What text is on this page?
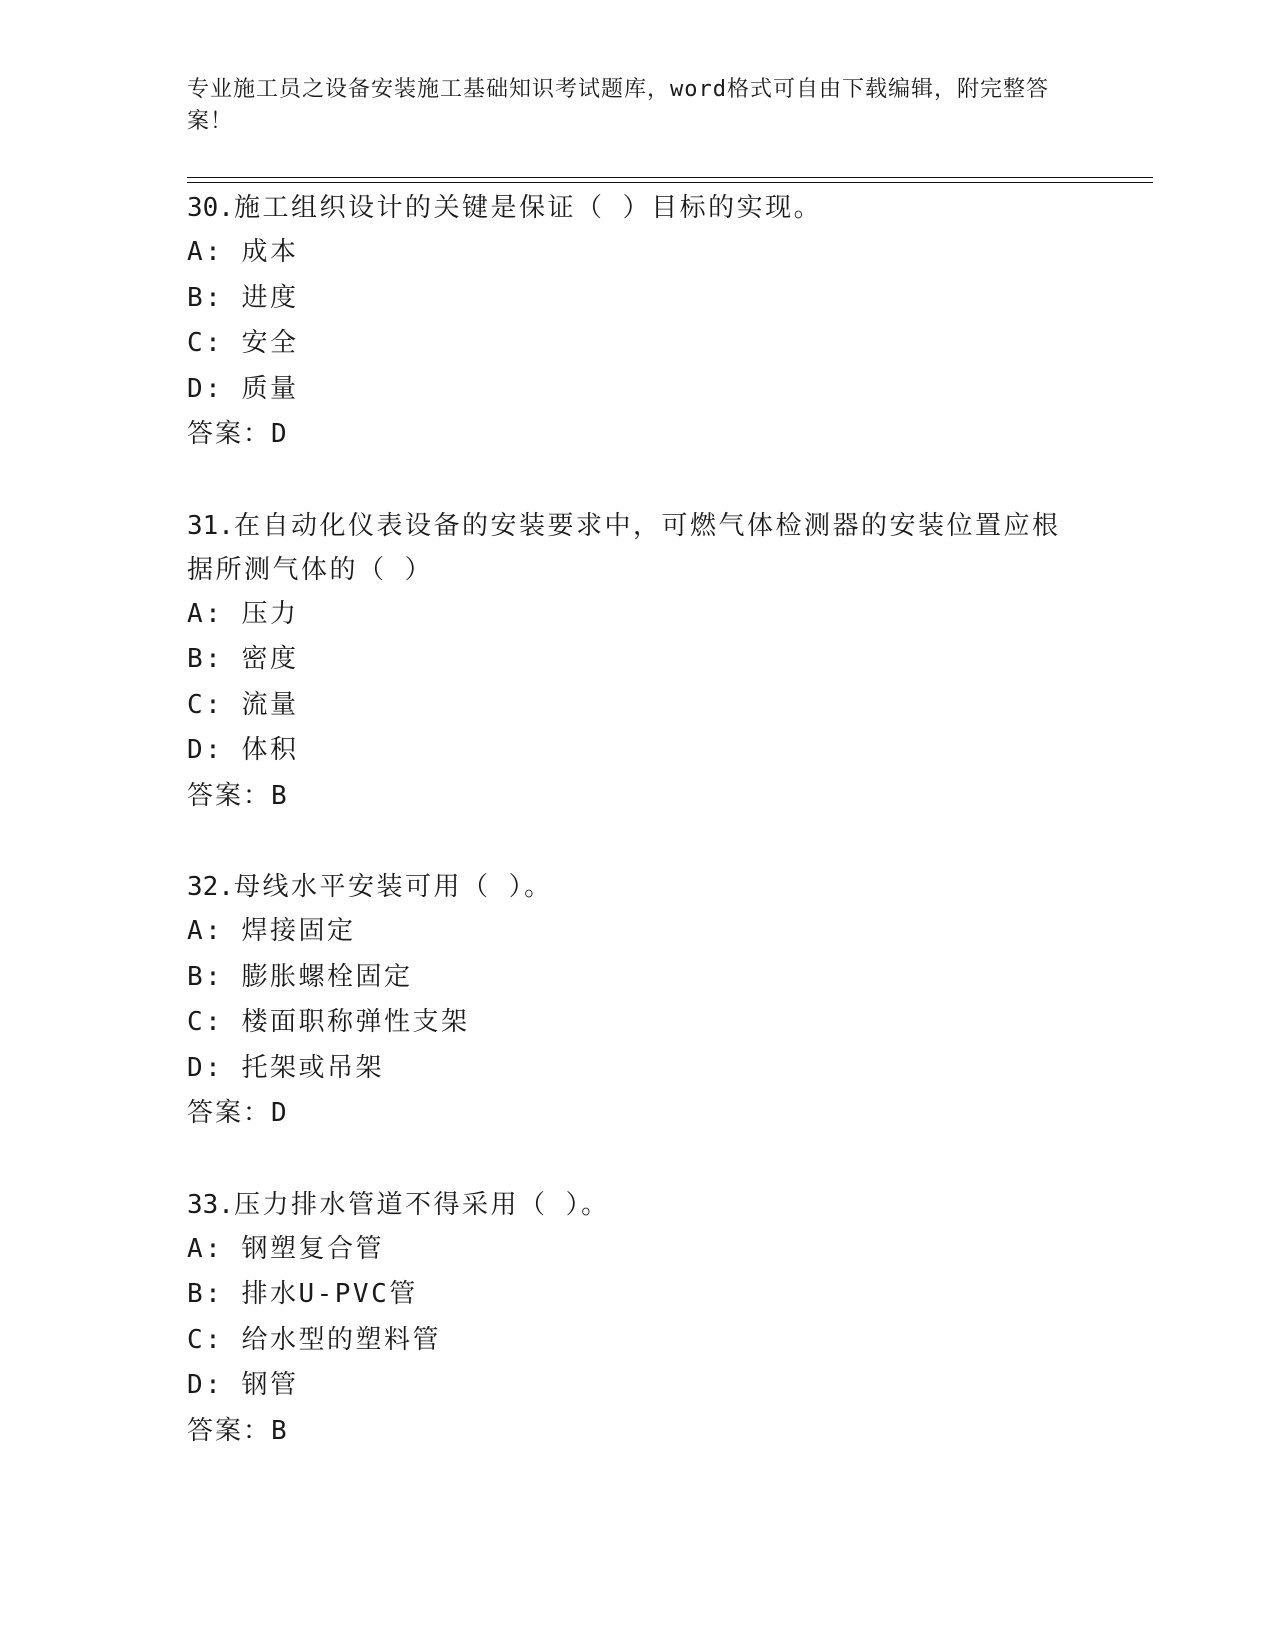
专业施工员之设备安装施工基础知识考试题库，word格式可自由下载编辑，附完整答案！
30.施工组织设计的关键是保证（ ）目标的实现。
A: 成本
B: 进度
C: 安全
D: 质量
答案：D
31.在自动化仪表设备的安装要求中，可燃气体检测器的安装位置应根据所测气体的（ ）
A: 压力
B: 密度
C: 流量
D: 体积
答案：B
32.母线水平安装可用（ ）。
A: 焊接固定
B: 膨胀螺栓固定
C: 楼面职称弹性支架
D: 托架或吊架
答案：D
33.压力排水管道不得采用（ ）。
A: 钢塑复合管
B: 排水U-PVC管
C: 给水型的塑料管
D: 钢管
答案：B
